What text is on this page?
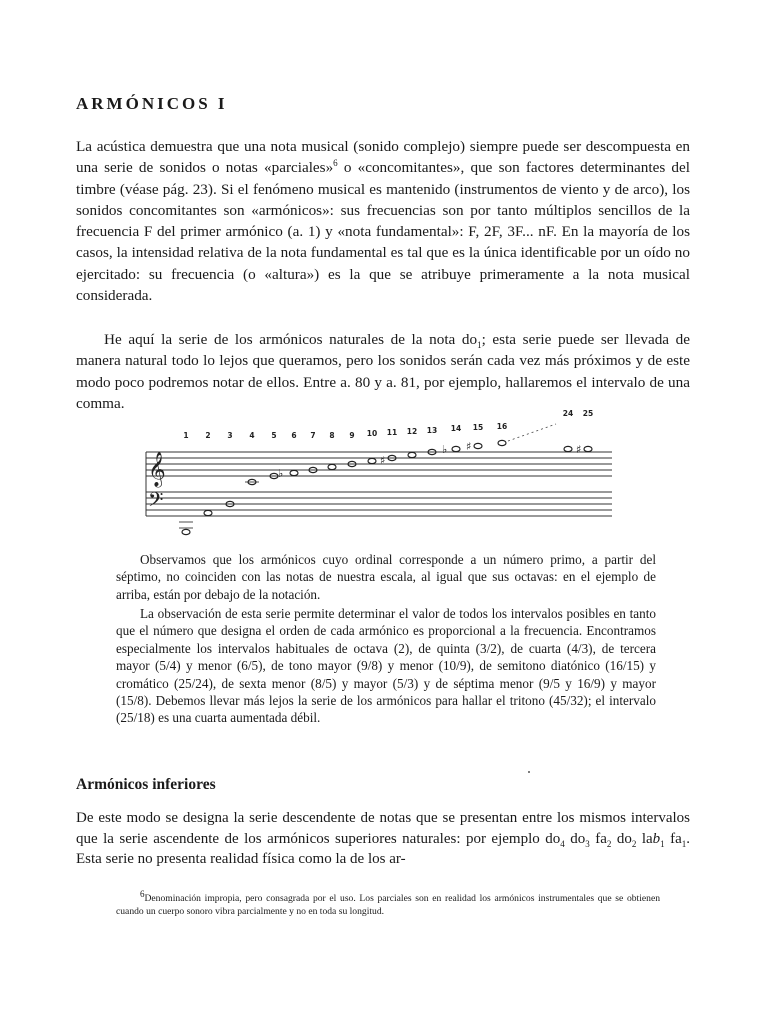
ARMÓNICOS I

La acústica demuestra que una nota musical (sonido complejo) siempre puede ser descompuesta en una serie de sonidos o notas «parciales»$^6$ o «concomitantes», que son factores determinantes del timbre (véase pág. 23). Si el fenómeno musical es mantenido (instrumentos de viento y de arco), los sonidos concomitantes son «armónicos»: sus frecuencias son por tanto múltiplos sencillos de la frecuencia F del primer armónico (a. 1) y «nota fundamental»: F, 2F, 3F... nF. En la mayoría de los casos, la intensidad relativa de la nota fundamental es tal que es la única identificable por un oído no ejercitado: su frecuencia (o «altura») es la que se atribuye primeramente a la nota musical considerada.

He aquí la serie de los armónicos naturales de la nota $do_1$; esta serie puede ser llevada de manera natural todo lo lejos que queramos, pero los sonidos serán cada vez más próximos y de este modo poco podremos notar de ellos. Entre a. 80 y a. 81, por ejemplo, hallaremos el intervalo de una comma.

𝄞
𝄢
1 2 3 4 5 6 7 8 9 10 11 12 13 14 15 16
24 25
♭
♯
♭ ♯	♯

Observamos que los armónicos cuyo ordinal corresponde a un número primo, a partir del séptimo, no coinciden con las notas de nuestra escala, al igual que sus octavas: en el ejemplo de arriba, están por debajo de la notación.

La observación de esta serie permite determinar el valor de todos los intervalos posibles en tanto que el número que designa el orden de cada armónico es proporcional a la frecuencia. Encontramos especialmente los intervalos habituales de octava (2), de quinta (3/2), de cuarta (4/3), de tercera mayor (5/4) y menor (6/5), de tono mayor (9/8) y menor (10/9), de semitono diatónico (16/15) y cromático (25/24), de sexta menor (8/5) y mayor (5/3) y de séptima menor (9/5 y 16/9) y mayor (15/8). Debemos llevar más lejos la serie de los armónicos para hallar el tritono (45/32); el intervalo (25/18) es una cuarta aumentada débil.

Armónicos inferiores

De este modo se designa la serie descendente de notas que se presentan entre los mismos intervalos que la serie ascendente de los armónicos superiores naturales: por ejemplo $do_4$ $do_3$ $fa_2$ $do_2$ lab$_1$ $fa_1$. Esta serie no presenta realidad física como la de los ar-

$^6$Denominación impropia, pero consagrada por el uso. Los parciales son en realidad los armónicos instrumentales que se obtienen cuando un cuerpo sonoro vibra parcialmente y no en toda su longitud.
